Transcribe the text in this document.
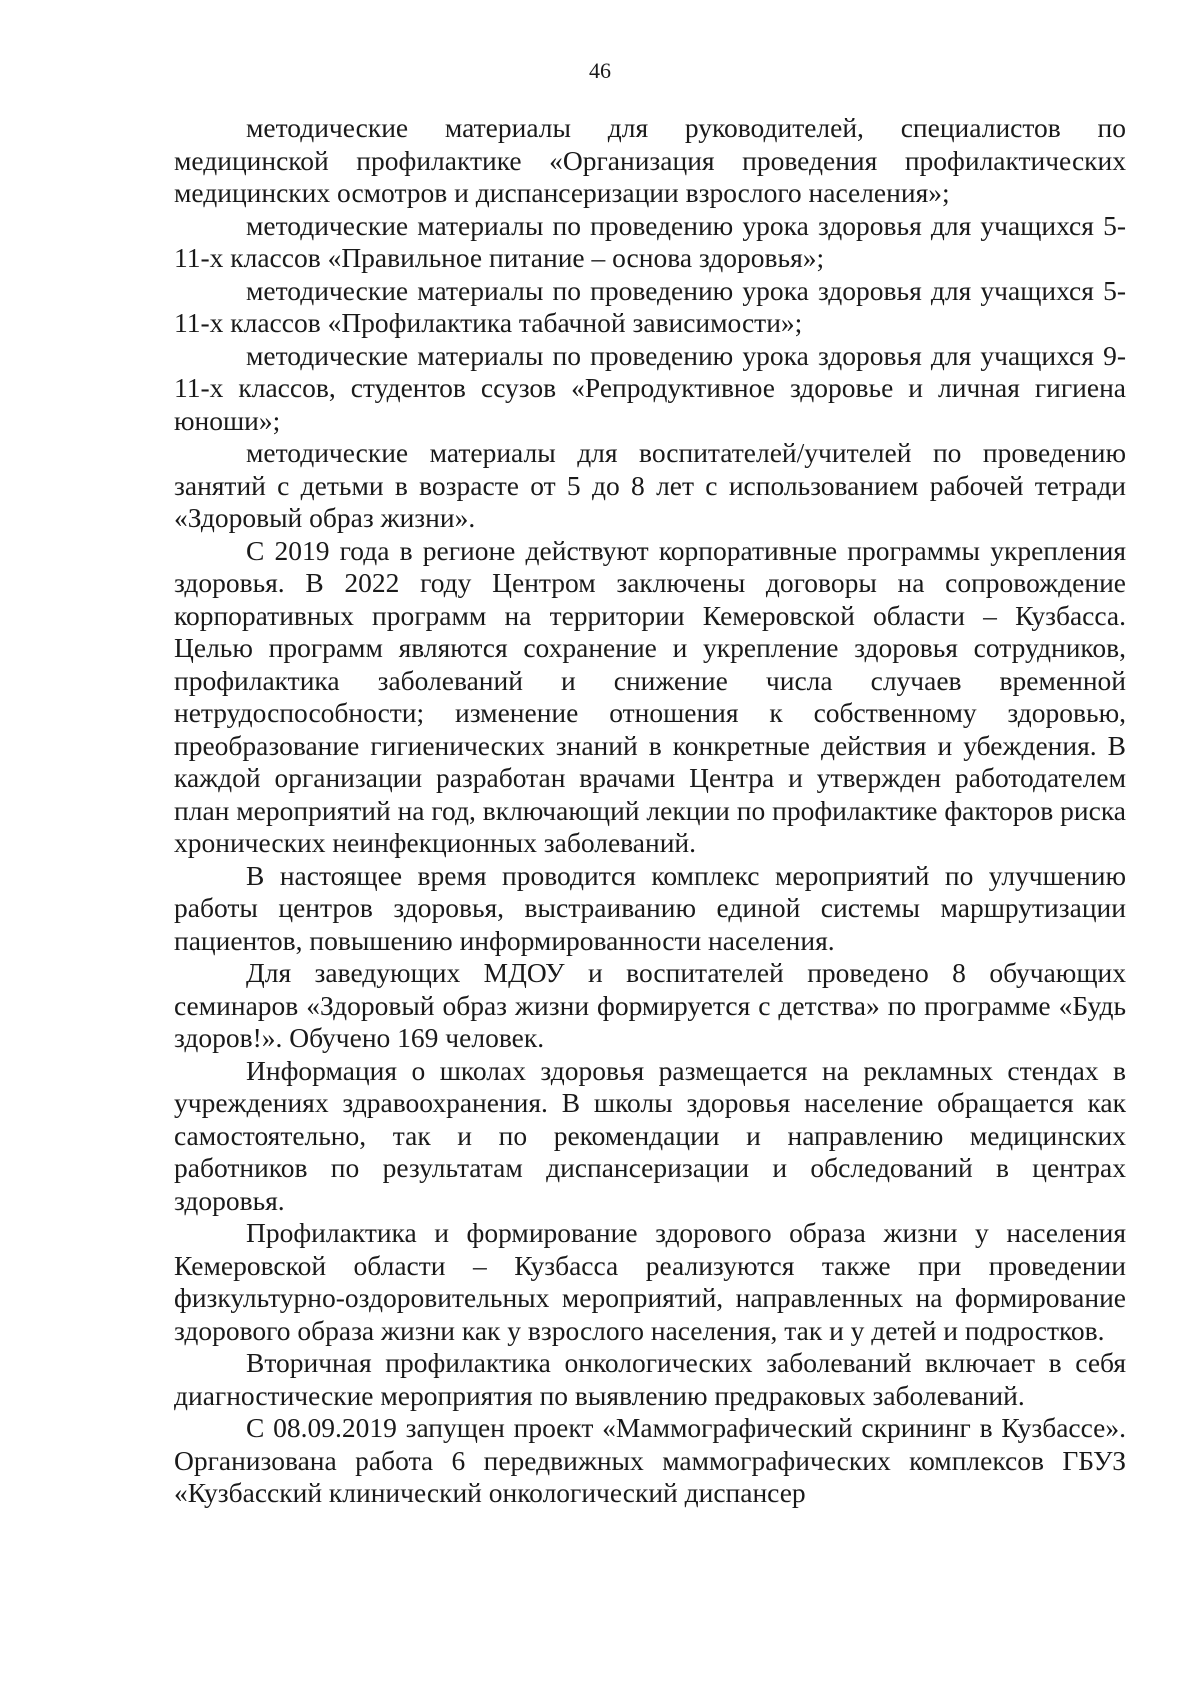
46

методические материалы для руководителей, специалистов по медицинской профилактике «Организация проведения профилактических медицинских осмотров и диспансеризации взрослого населения»;

методические материалы по проведению урока здоровья для учащихся 5-11-х классов «Правильное питание – основа здоровья»;

методические материалы по проведению урока здоровья для учащихся 5-11-х классов «Профилактика табачной зависимости»;

методические материалы по проведению урока здоровья для учащихся 9-11-х классов, студентов ссузов «Репродуктивное здоровье и личная гигиена юноши»;

методические материалы для воспитателей/учителей по проведению занятий с детьми в возрасте от 5 до 8 лет с использованием рабочей тетради «Здоровый образ жизни».

С 2019 года в регионе действуют корпоративные программы укрепления здоровья. В 2022 году Центром заключены договоры на сопровождение корпоративных программ на территории Кемеровской области – Кузбасса. Целью программ являются сохранение и укрепление здоровья сотрудников, профилактика заболеваний и снижение числа случаев временной нетрудоспособности; изменение отношения к собственному здоровью, преобразование гигиенических знаний в конкретные действия и убеждения. В каждой организации разработан врачами Центра и утвержден работодателем план мероприятий на год, включающий лекции по профилактике факторов риска хронических неинфекционных заболеваний.

В настоящее время проводится комплекс мероприятий по улучшению работы центров здоровья, выстраиванию единой системы маршрутизации пациентов, повышению информированности населения.

Для заведующих МДОУ и воспитателей проведено 8 обучающих семинаров «Здоровый образ жизни формируется с детства» по программе «Будь здоров!». Обучено 169 человек.

Информация о школах здоровья размещается на рекламных стендах в учреждениях здравоохранения. В школы здоровья население обращается как самостоятельно, так и по рекомендации и направлению медицинских работников по результатам диспансеризации и обследований в центрах здоровья.

Профилактика и формирование здорового образа жизни у населения Кемеровской области – Кузбасса реализуются также при проведении физкультурно-оздоровительных мероприятий, направленных на формирование здорового образа жизни как у взрослого населения, так и у детей и подростков.

Вторичная профилактика онкологических заболеваний включает в себя диагностические мероприятия по выявлению предраковых заболеваний.

С 08.09.2019 запущен проект «Маммографический скрининг в Кузбассе». Организована работа 6 передвижных маммографических комплексов ГБУЗ «Кузбасский клинический онкологический диспансер
